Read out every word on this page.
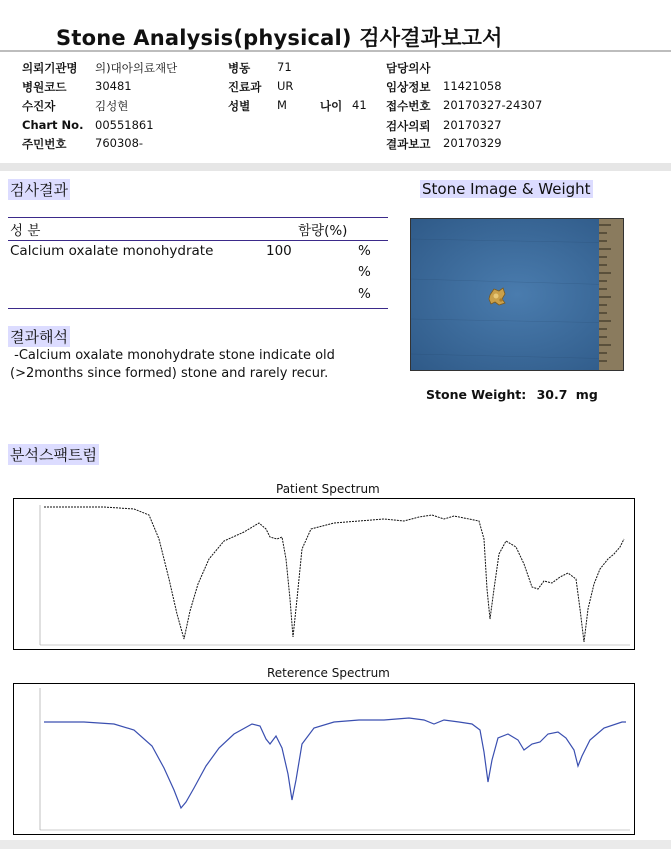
Stone Analysis(physical) 검사결과보고서
의뢰기관명 의)대아의료재단
병원코드 30481
수진자	김성현
Chart No. 00551861
주민번호 760308-
병동 71
진료과 UR
성별 M	나이 41
담당의사
임상정보 11421058
접수번호 20170327-24307
검사의뢰 20170327
결과보고 20170329
검사결과
성 분	함량(%)
Calcium oxalate monohydrate	100	%
%
%
결과해석
-Calcium oxalate monohydrate stone indicate old
(>2months since formed) stone and rarely recur.
Stone Image & Weight
Stone Weight: 30.7 mg
분석스팩트럼
Patient Spectrum
Reterence Spectrum
